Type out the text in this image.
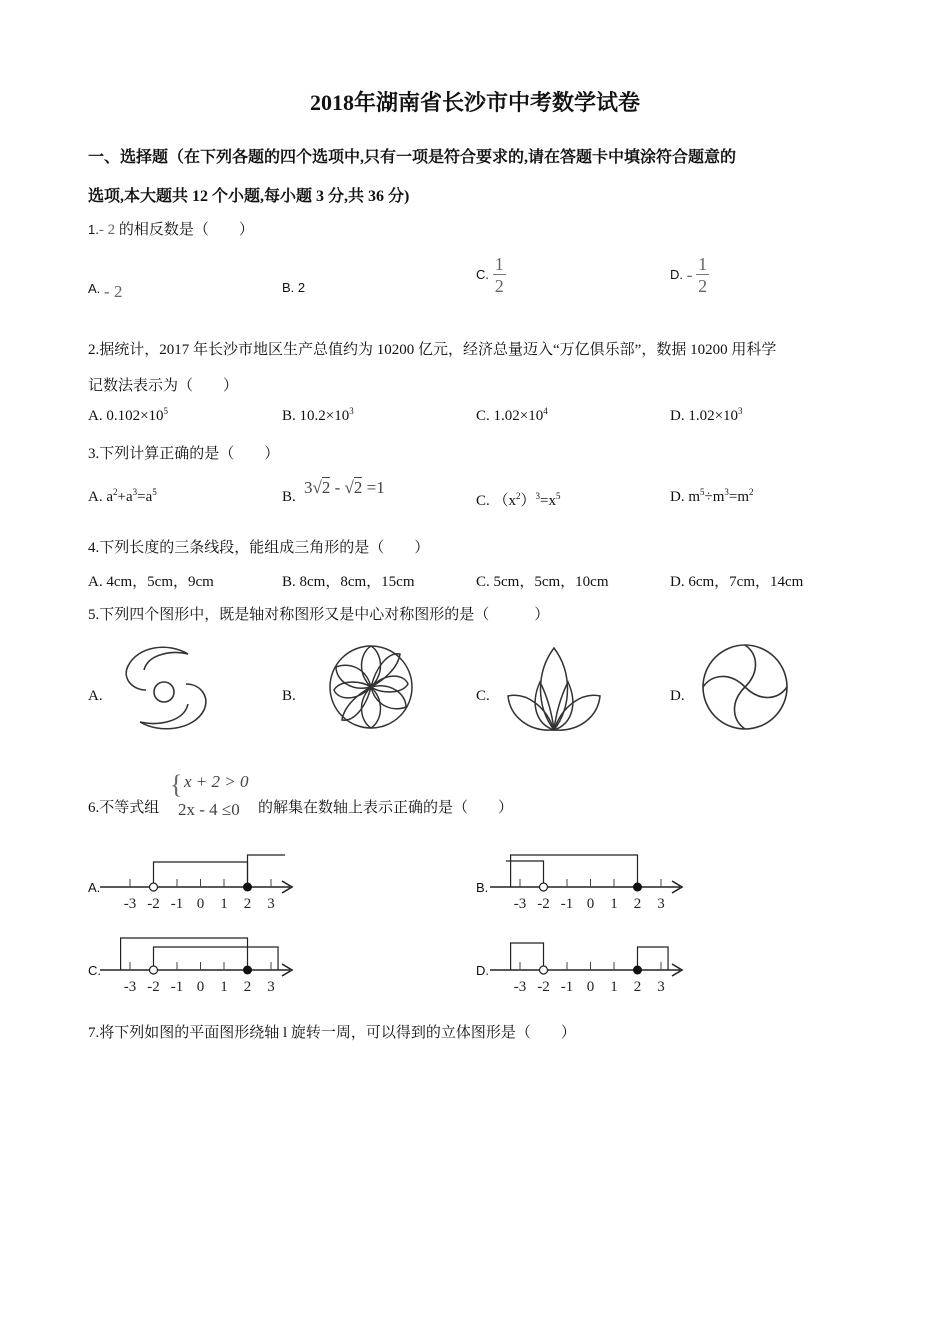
2018年湖南省长沙市中考数学试卷
一、选择题（在下列各题的四个选项中,只有一项是符合要求的,请在答题卡中填涂符合题意的
选项,本大题共 12 个小题,每小题 3 分,共 36 分)
1.- 2 的相反数是（　　）
A. - 2	B. 2
C. $\frac{1}{2}$	D. - $\frac{1}{2}$
2.据统计，2017 年长沙市地区生产总值约为 10200 亿元，经济总量迈入“万亿俱乐部”，数据 10200 用科学
记数法表示为（　　）
A. $0.102\times 10^5$	B. $10.2\times 10^3$	C. $1.02\times 10^4$	D. $1.02\times 10^3$
3.下列计算正确的是（　　）
A. $a^2+a^3=a^5$	B. 3√2 - √2 =1
C. $(x^2)^3=x^5$	D. $m^5\div m^3=m^2$
4.下列长度的三条线段，能组成三角形的是（　　）
A. 4cm，5cm，9cm	B. 8cm，8cm，15cm	C. 5cm，5cm，10cm	D. 6cm，7cm，14cm
5.下列四个图形中，既是轴对称图形又是中心对称图形的是（　　　）
A.	B.	C.	D.
6.不等式组
{ x + 2 > 0
2x - 4 ≤0 的解集在数轴上表示正确的是（　　）
A.	B.
C.	D.
-3 -2 -1 0 1 2 3	-3 -2 -1 0 1 2 3
-3 -2 -1 0 1 2 3	-3 -2 -1 0 1 2 3
7.将下列如图的平面图形绕轴 l 旋转一周，可以得到的立体图形是（　　）
